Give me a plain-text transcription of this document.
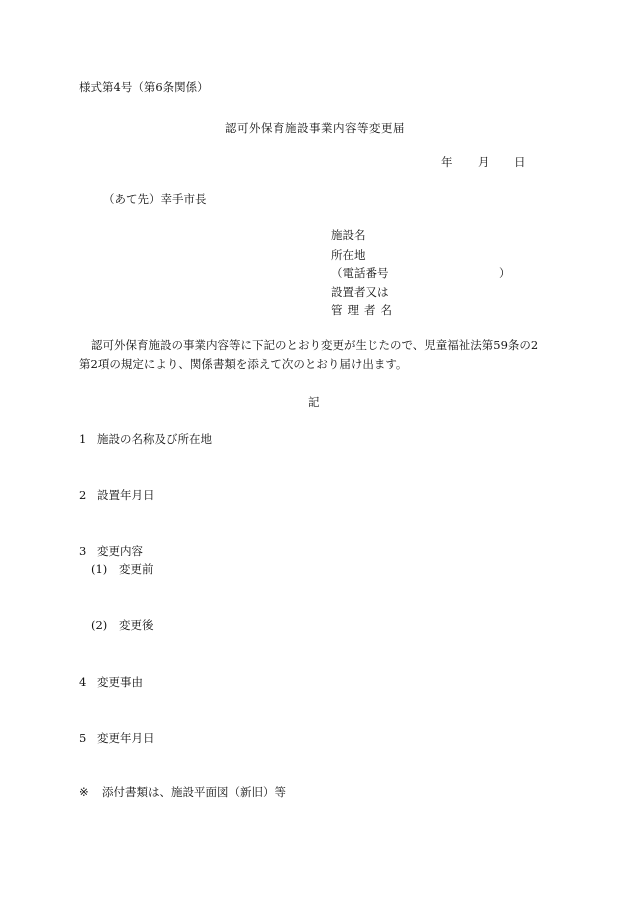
様式第4号（第6条関係）
認可外保育施設事業内容等変更届
年 月 日
（あて先）幸手市長
施設名
所在地
（電話番号	）
設置者又は
管理者名
認可外保育施設の事業内容等に下記のとおり変更が生じたので、児童福祉法第59条の2
第2項の規定により、関係書類を添えて次のとおり届け出ます。
記
1 施設の名称及び所在地
2 設置年月日
3 変更内容
(1) 変更前
(2) 変更後
4 変更事由
5 変更年月日
※ 添付書類は、施設平面図（新旧）等
